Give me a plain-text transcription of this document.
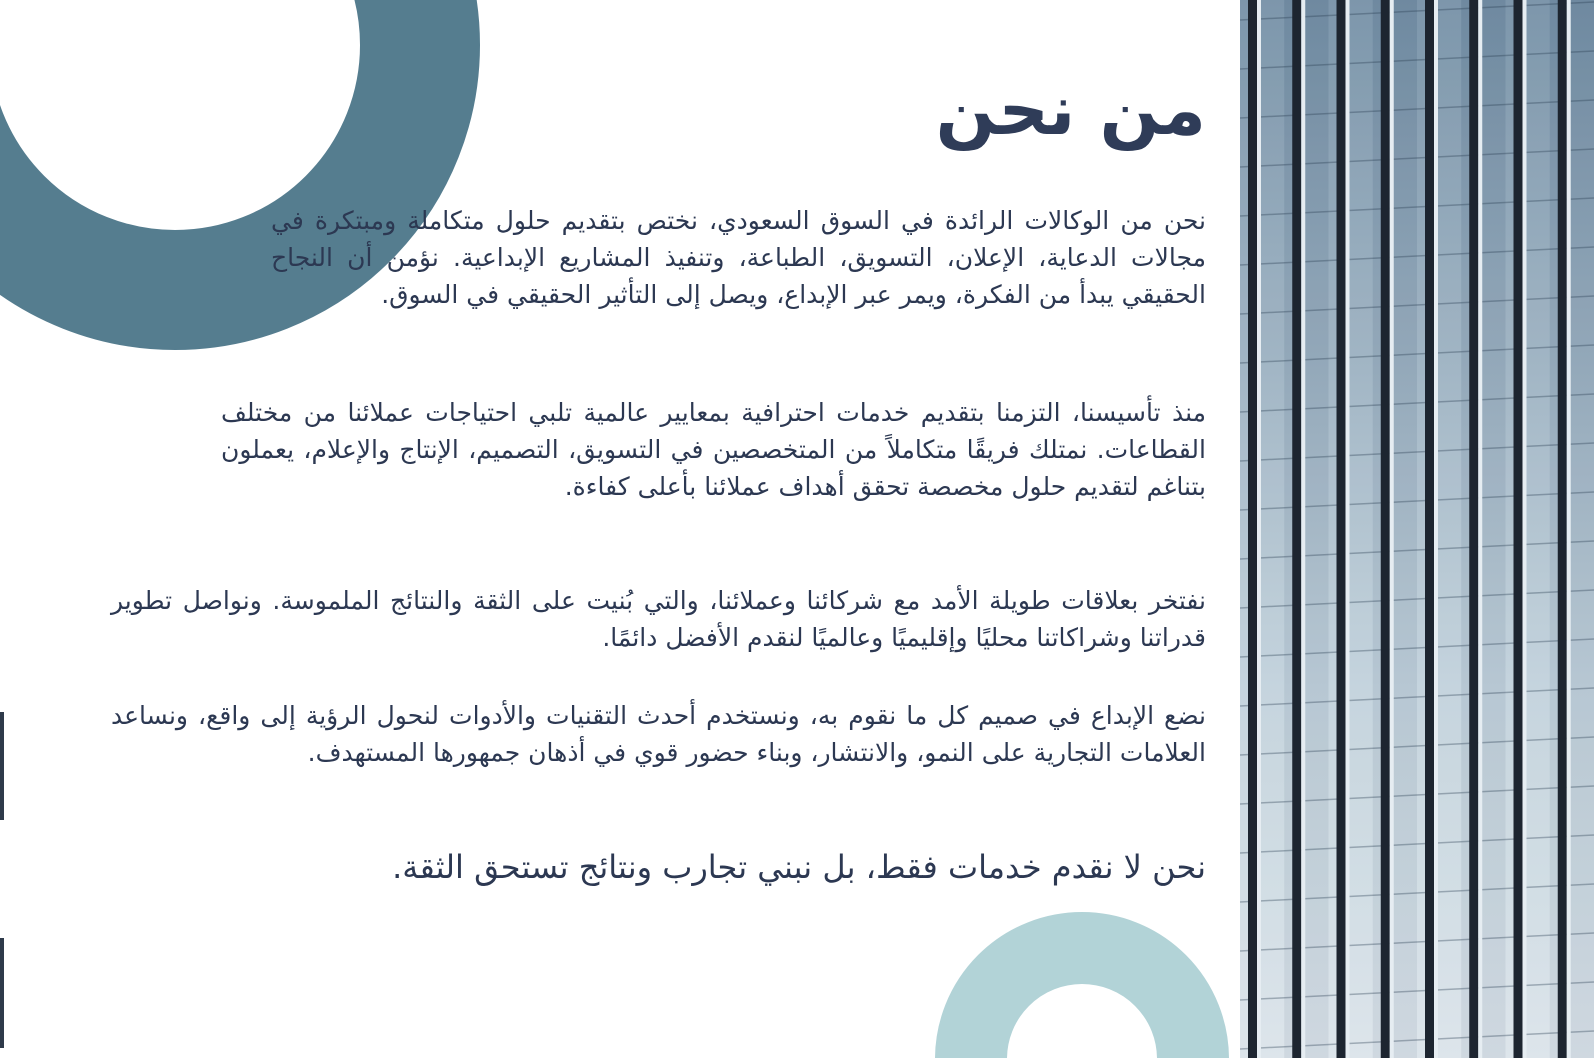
من نحن

نحن من الوكالات الرائدة في السوق السعودي، نختص بتقديم حلول متكاملة ومبتكرة في مجالات الدعاية، الإعلان، التسويق، الطباعة، وتنفيذ المشاريع الإبداعية. نؤمن أن النجاح الحقيقي يبدأ من الفكرة، ويمر عبر الإبداع، ويصل إلى التأثير الحقيقي في السوق.

منذ تأسيسنا، التزمنا بتقديم خدمات احترافية بمعايير عالمية تلبي احتياجات عملائنا من مختلف القطاعات. نمتلك فريقًا متكاملاً من المتخصصين في التسويق، التصميم، الإنتاج والإعلام، يعملون بتناغم لتقديم حلول مخصصة تحقق أهداف عملائنا بأعلى كفاءة.

نفتخر بعلاقات طويلة الأمد مع شركائنا وعملائنا، والتي بُنيت على الثقة والنتائج الملموسة. ونواصل تطوير قدراتنا وشراكاتنا محليًا وإقليميًا وعالميًا لنقدم الأفضل دائمًا.

نضع الإبداع في صميم كل ما نقوم به، ونستخدم أحدث التقنيات والأدوات لنحول الرؤية إلى واقع، ونساعد العلامات التجارية على النمو، والانتشار، وبناء حضور قوي في أذهان جمهورها المستهدف.

نحن لا نقدم خدمات فقط، بل نبني تجارب ونتائج تستحق الثقة.
